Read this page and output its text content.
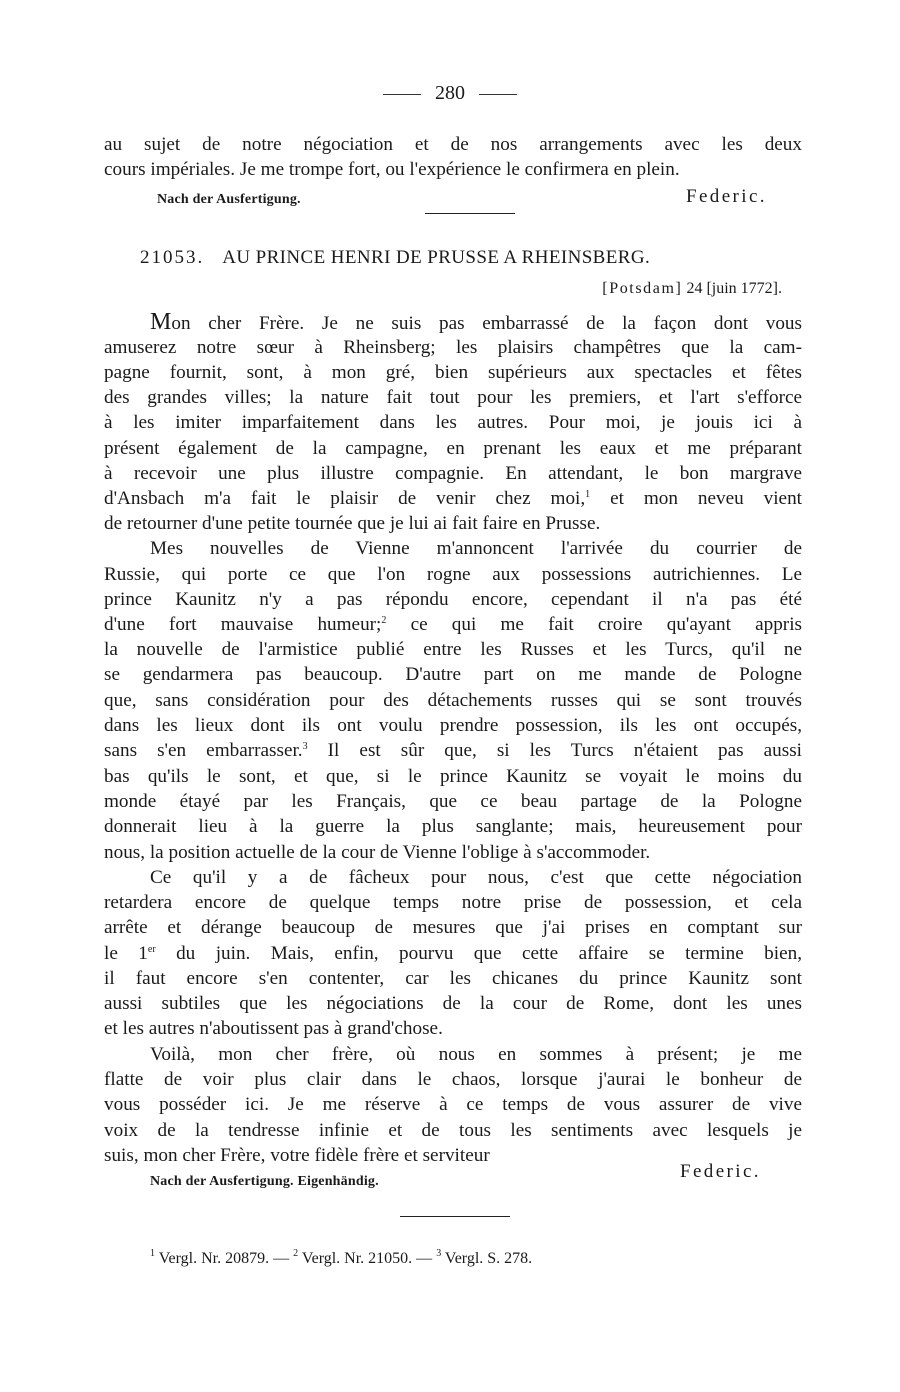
280
au sujet de notre négociation et de nos arrangements avec les deux
cours impériales. Je me trompe fort, ou l'expérience le confirmera en plein.
Nach der Ausfertigung.	Federic.
21053. AU PRINCE HENRI DE PRUSSE A RHEINSBERG.
[Potsdam] 24 [juin 1772].
Mon cher Frère. Je ne suis pas embarrassé de la façon dont vous
amuserez notre sœur à Rheinsberg; les plaisirs champêtres que la cam-
pagne fournit, sont, à mon gré, bien supérieurs aux spectacles et fêtes
des grandes villes; la nature fait tout pour les premiers, et l'art s'efforce
à les imiter imparfaitement dans les autres. Pour moi, je jouis ici à
présent également de la campagne, en prenant les eaux et me préparant
à recevoir une plus illustre compagnie. En attendant, le bon margrave
d'Ansbach m'a fait le plaisir de venir chez moi,$^1$ et mon neveu vient
de retourner d'une petite tournée que je lui ai fait faire en Prusse.
Mes nouvelles de Vienne m'annoncent l'arrivée du courrier de
Russie, qui porte ce que l'on rogne aux possessions autrichiennes. Le
prince Kaunitz n'y a pas répondu encore, cependant il n'a pas été
d'une fort mauvaise humeur;$^2$ ce qui me fait croire qu'ayant appris
la nouvelle de l'armistice publié entre les Russes et les Turcs, qu'il ne
se gendarmera pas beaucoup. D'autre part on me mande de Pologne
que, sans considération pour des détachements russes qui se sont trouvés
dans les lieux dont ils ont voulu prendre possession, ils les ont occupés,
sans s'en embarrasser.$^3$ Il est sûr que, si les Turcs n'étaient pas aussi
bas qu'ils le sont, et que, si le prince Kaunitz se voyait le moins du
monde étayé par les Français, que ce beau partage de la Pologne
donnerait lieu à la guerre la plus sanglante; mais, heureusement pour
nous, la position actuelle de la cour de Vienne l'oblige à s'accommoder.
Ce qu'il y a de fâcheux pour nous, c'est que cette négociation
retardera encore de quelque temps notre prise de possession, et cela
arrête et dérange beaucoup de mesures que j'ai prises en comptant sur
le 1er du juin. Mais, enfin, pourvu que cette affaire se termine bien,
il faut encore s'en contenter, car les chicanes du prince Kaunitz sont
aussi subtiles que les négociations de la cour de Rome, dont les unes
et les autres n'aboutissent pas à grand'chose.
Voilà, mon cher frère, où nous en sommes à présent; je me
flatte de voir plus clair dans le chaos, lorsque j'aurai le bonheur de
vous posséder ici. Je me réserve à ce temps de vous assurer de vive
voix de la tendresse infinie et de tous les sentiments avec lesquels je
suis, mon cher Frère, votre fidèle frère et serviteur
Federic.
Nach der Ausfertigung. Eigenhändig.
$^1$ Vergl. Nr. 20879. — $^2$ Vergl. Nr. 21050. — $^3$ Vergl. S. 278.
